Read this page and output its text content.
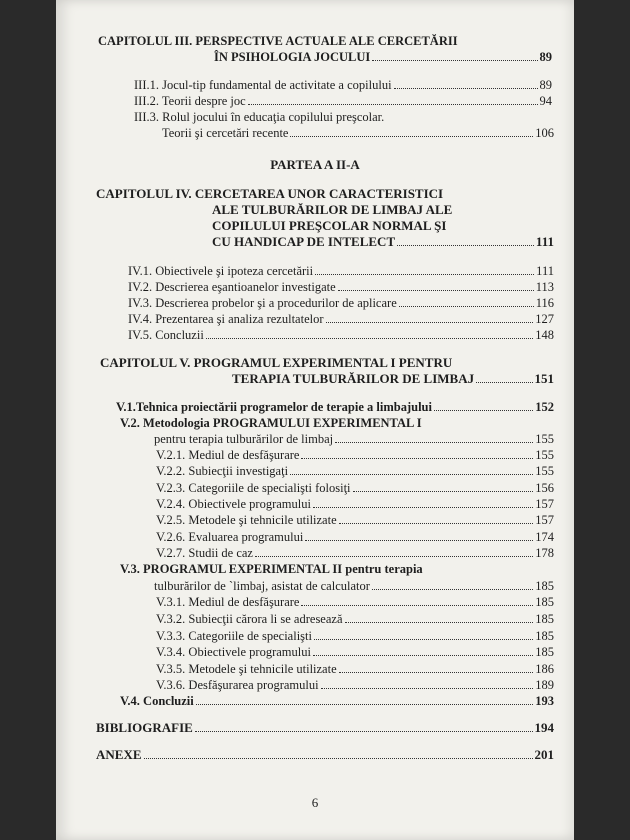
CAPITOLUL III. PERSPECTIVE ACTUALE ALE CERCETĂRII
ÎN PSIHOLOGIA JOCULUI	89
III.1. Jocul-tip fundamental de activitate a copilului	89
III.2. Teorii despre joc	94
III.3. Rolul jocului în educaţia copilului preşcolar.
Teorii şi cercetări recente	106
PARTEA A II-A
CAPITOLUL IV. CERCETAREA UNOR CARACTERISTICI
ALE TULBURĂRILOR DE LIMBAJ ALE
COPILULUI PREŞCOLAR NORMAL ŞI
CU HANDICAP DE INTELECT	111
IV.1. Obiectivele şi ipoteza cercetării	111
IV.2. Descrierea eşantioanelor investigate	113
IV.3. Descrierea probelor şi a procedurilor de aplicare	116
IV.4. Prezentarea şi analiza rezultatelor	127
IV.5. Concluzii	148
CAPITOLUL V. PROGRAMUL EXPERIMENTAL I PENTRU
TERAPIA TULBURĂRILOR DE LIMBAJ	151
V.1.Tehnica proiectării programelor de terapie a limbajului	152
V.2. Metodologia PROGRAMULUI EXPERIMENTAL I
pentru terapia tulburărilor de limbaj	155
V.2.1. Mediul de desfăşurare	155
V.2.2. Subiecţii investigaţi	155
V.2.3. Categoriile de specialişti folosiţi	156
V.2.4. Obiectivele programului	157
V.2.5. Metodele şi tehnicile utilizate	157
V.2.6. Evaluarea programului	174
V.2.7. Studii de caz	178
V.3. PROGRAMUL EXPERIMENTAL II pentru terapia
tulburărilor de `limbaj, asistat de calculator	185
V.3.1. Mediul de desfăşurare	185
V.3.2. Subiecţii cărora li se adresează	185
V.3.3. Categoriile de specialişti	185
V.3.4. Obiectivele programului	185
V.3.5. Metodele şi tehnicile utilizate	186
V.3.6. Desfăşurarea programului	189
V.4. Concluzii	193
BIBLIOGRAFIE	194
ANEXE	201
6
